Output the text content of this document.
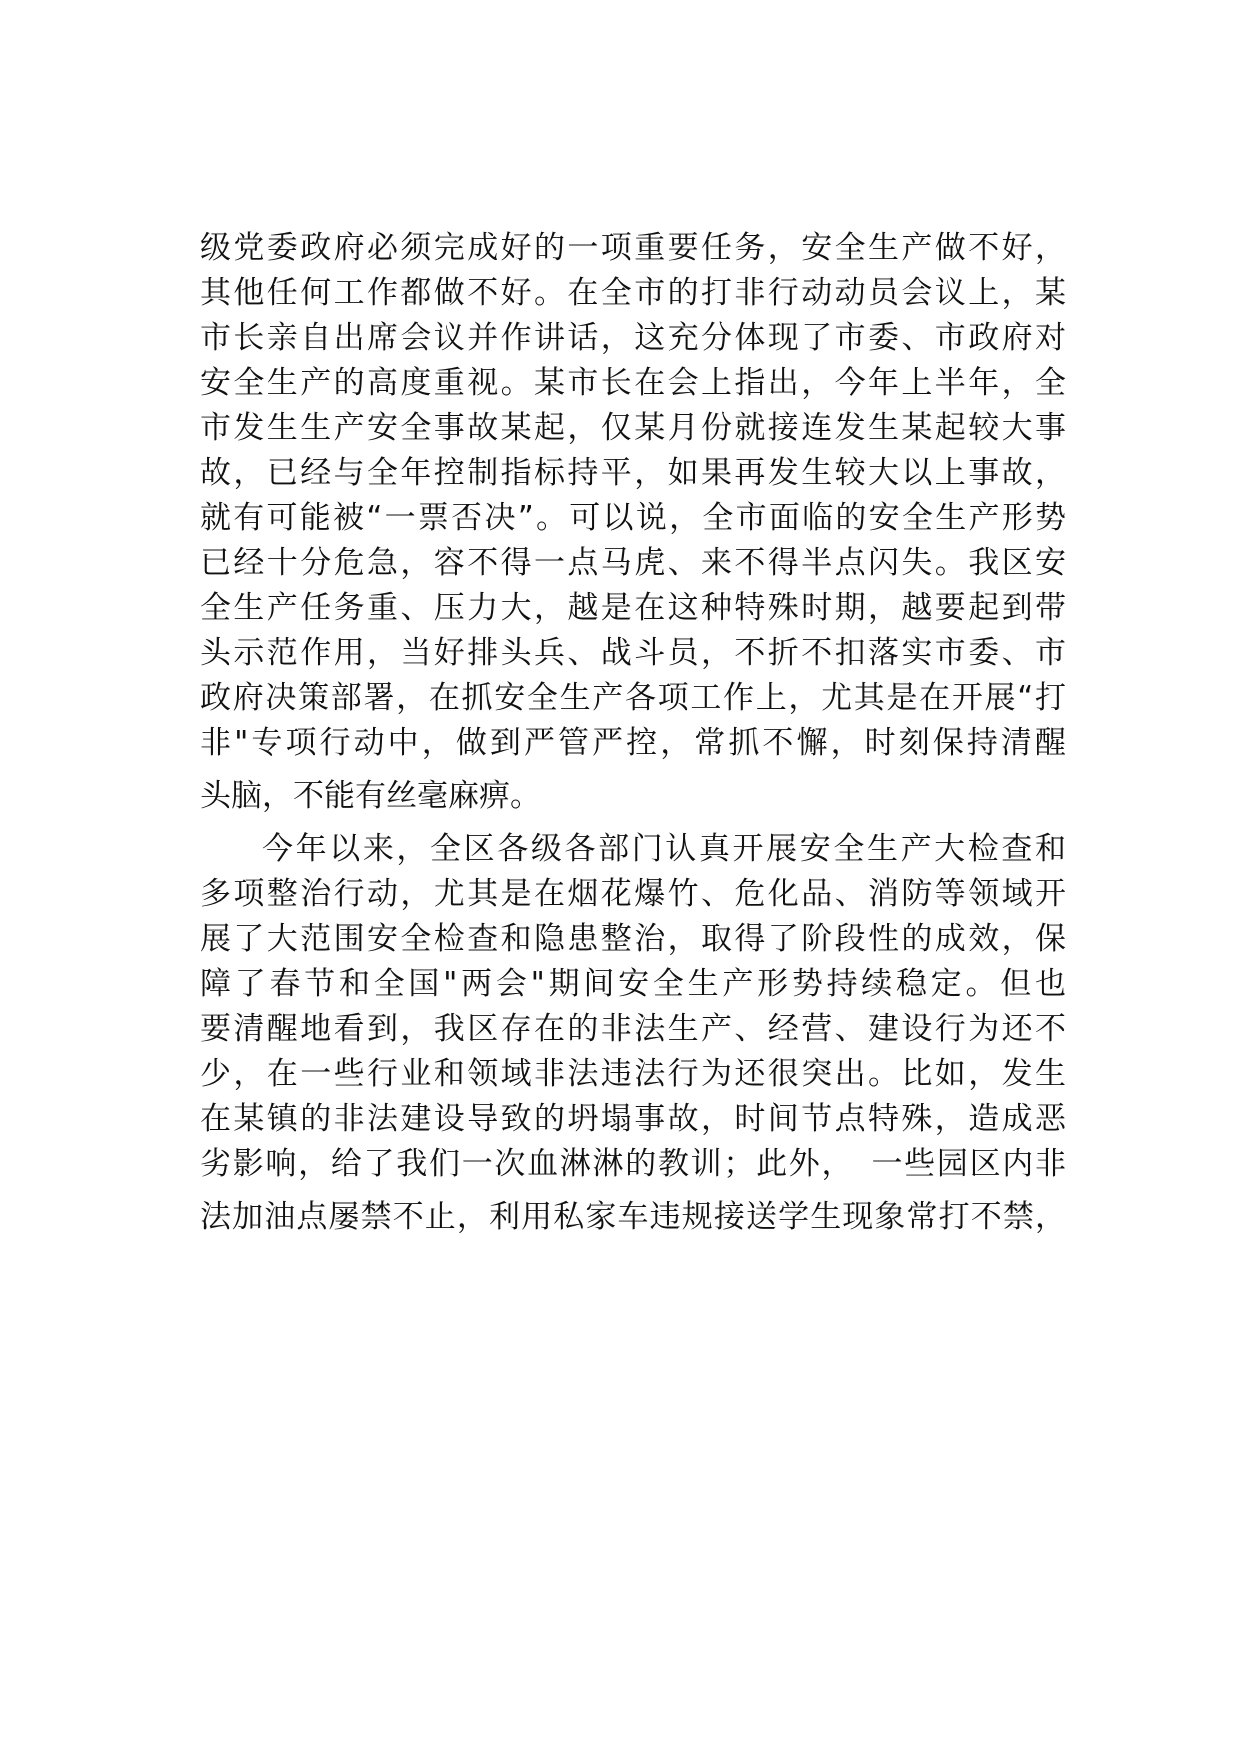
级党委政府必须完成好的一项重要任务，安全生产做不好，
其他任何工作都做不好。在全市的打非行动动员会议上，某
市长亲自出席会议并作讲话，这充分体现了市委、市政府对
安全生产的高度重视。某市长在会上指出，今年上半年，全
市发生生产安全事故某起，仅某月份就接连发生某起较大事
故，已经与全年控制指标持平，如果再发生较大以上事故，
就有可能被“一票否决”。可以说，全市面临的安全生产形势
已经十分危急，容不得一点马虎、来不得半点闪失。我区安
全生产任务重、压力大，越是在这种特殊时期，越要起到带
头示范作用，当好排头兵、战斗员，不折不扣落实市委、市
政府决策部署，在抓安全生产各项工作上，尤其是在开展“打
非"专项行动中，做到严管严控，常抓不懈，时刻保持清醒
头脑，不能有丝毫麻痹。
今年以来，全区各级各部门认真开展安全生产大检查和
多项整治行动，尤其是在烟花爆竹、危化品、消防等领域开
展了大范围安全检查和隐患整治，取得了阶段性的成效，保
障了春节和全国"两会"期间安全生产形势持续稳定。但也
要清醒地看到，我区存在的非法生产、经营、建设行为还不
少，在一些行业和领域非法违法行为还很突出。比如，发生
在某镇的非法建设导致的坍塌事故，时间节点特殊，造成恶
劣影响，给了我们一次血淋淋的教训；此外，　一些园区内非
法加油点屡禁不止，利用私家车违规接送学生现象常打不禁，
